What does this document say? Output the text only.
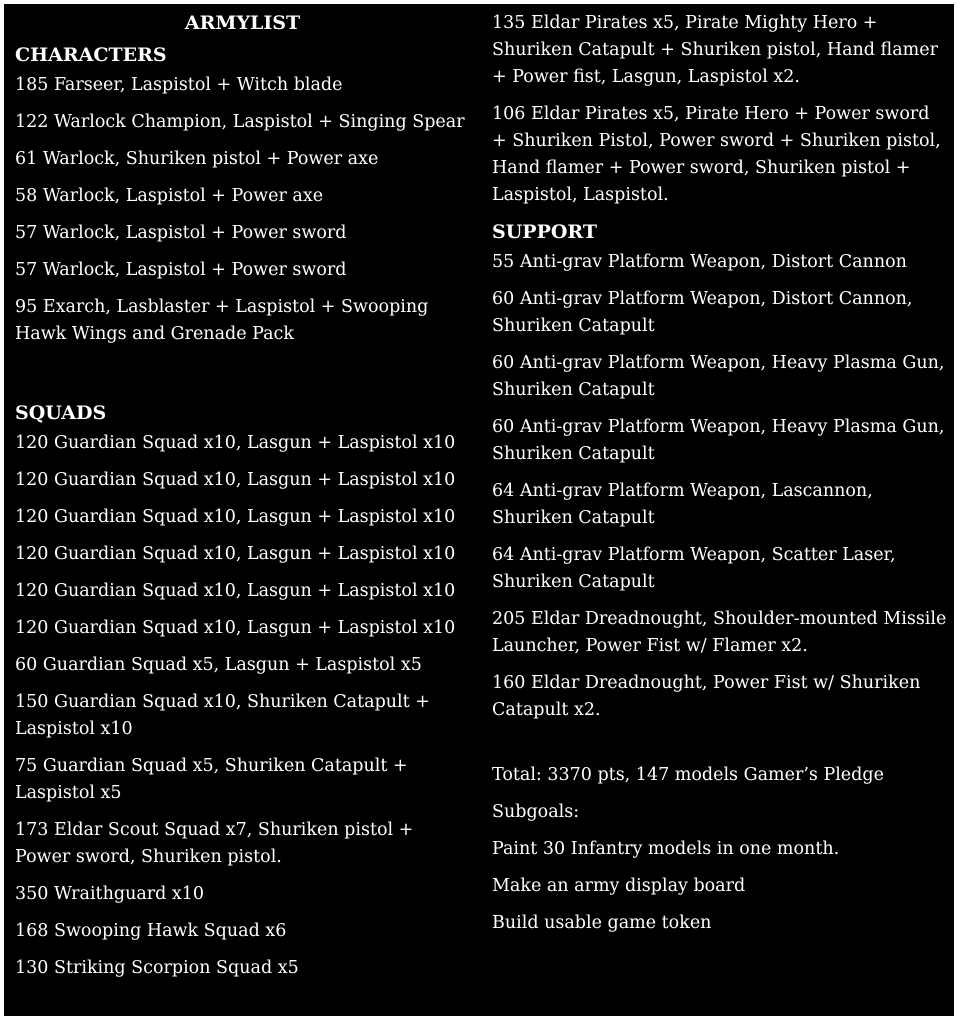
ARMYLIST
CHARACTERS
185 Farseer, Laspistol + Witch blade
122 Warlock Champion, Laspistol + Singing Spear
61 Warlock, Shuriken pistol + Power axe
58 Warlock, Laspistol + Power axe
57 Warlock, Laspistol + Power sword
57 Warlock, Laspistol + Power sword
95 Exarch, Lasblaster + Laspistol + Swooping Hawk Wings and Grenade Pack
SQUADS
120 Guardian Squad x10, Lasgun + Laspistol x10
120 Guardian Squad x10, Lasgun + Laspistol x10
120 Guardian Squad x10, Lasgun + Laspistol x10
120 Guardian Squad x10, Lasgun + Laspistol x10
120 Guardian Squad x10, Lasgun + Laspistol x10
120 Guardian Squad x10, Lasgun + Laspistol x10
60 Guardian Squad x5, Lasgun + Laspistol x5
150 Guardian Squad x10, Shuriken Catapult + Laspistol x10
75 Guardian Squad x5, Shuriken Catapult + Laspistol x5
173 Eldar Scout Squad x7, Shuriken pistol + Power sword, Shuriken pistol.
350 Wraithguard x10
168 Swooping Hawk Squad x6
130 Striking Scorpion Squad x5
135 Eldar Pirates x5, Pirate Mighty Hero + Shuriken Catapult + Shuriken pistol, Hand flamer + Power fist, Lasgun, Laspistol x2.
106 Eldar Pirates x5, Pirate Hero + Power sword + Shuriken Pistol, Power sword + Shuriken pistol, Hand flamer + Power sword, Shuriken pistol + Laspistol, Laspistol.
SUPPORT
55 Anti-grav Platform Weapon, Distort Cannon
60 Anti-grav Platform Weapon, Distort Cannon, Shuriken Catapult
60 Anti-grav Platform Weapon, Heavy Plasma Gun, Shuriken Catapult
60 Anti-grav Platform Weapon, Heavy Plasma Gun, Shuriken Catapult
64 Anti-grav Platform Weapon, Lascannon, Shuriken Catapult
64 Anti-grav Platform Weapon, Scatter Laser, Shuriken Catapult
205 Eldar Dreadnought, Shoulder-mounted Missile Launcher, Power Fist w/ Flamer x2.
160 Eldar Dreadnought, Power Fist w/ Shuriken Catapult x2.
Total: 3370 pts, 147 models Gamer’s Pledge
Subgoals:
Paint 30 Infantry models in one month.
Make an army display board
Build usable game token
